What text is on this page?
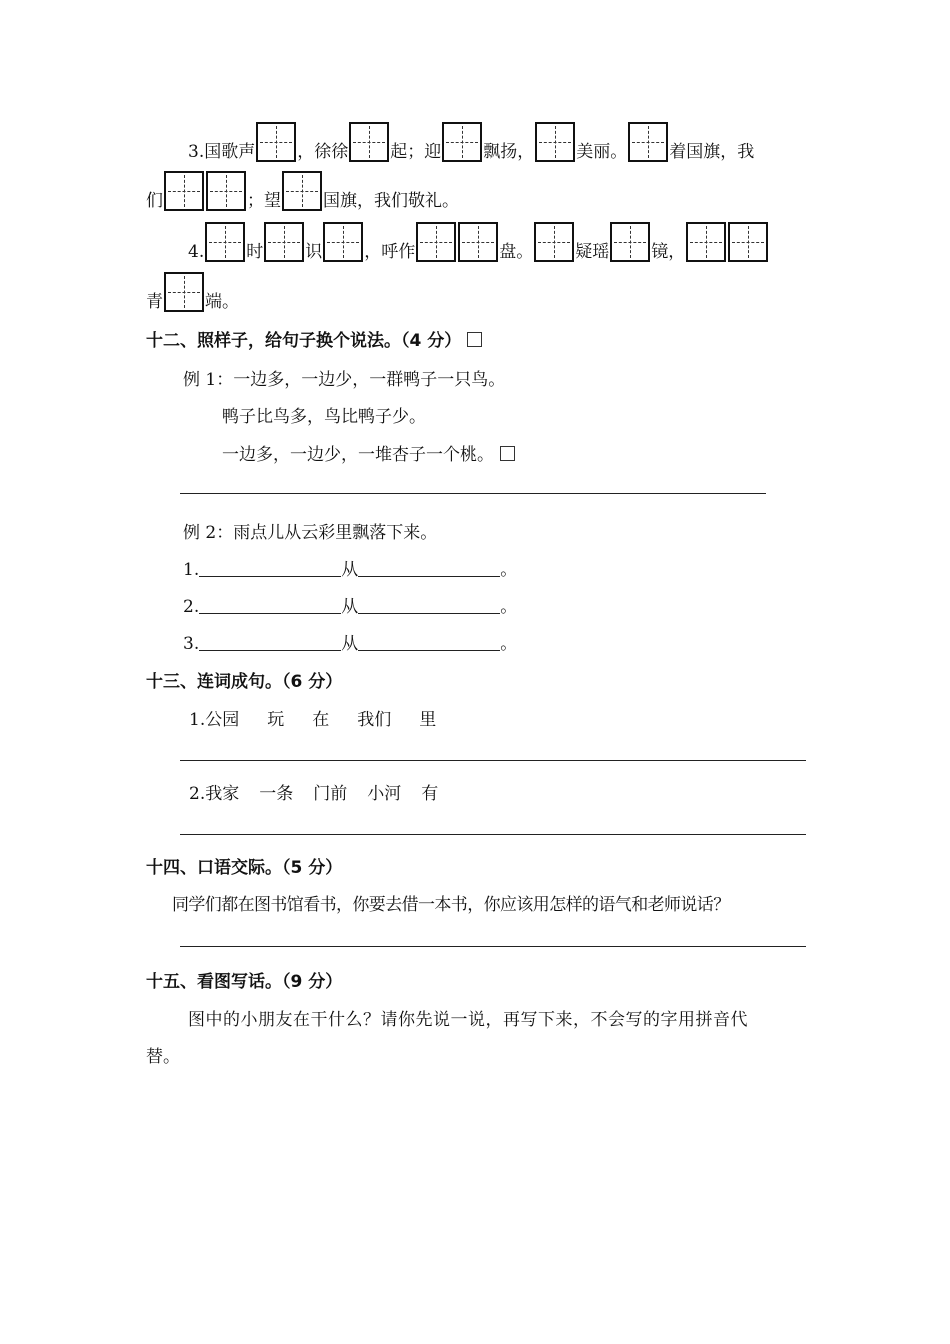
3. 国歌声 ，徐徐 起；迎 飘扬， 美丽。 着国旗，我
们	；望 国旗，我们敬礼。
4. 时 识 ，呼作	盘。 疑瑶 镜，
青 端。
十二、照样子，给句子换个说法。（4 分）
例 1：一边多，一边少，一群鸭子一只鸟。
鸭子比鸟多，鸟比鸭子少。
一边多，一边少，一堆杏子一个桃。
例 2：雨点儿从云彩里飘落下来。
1.	从	。
2.	从	。
3.	从	。
十三、连词成句。（6 分）
1.公园 玩 在 我们 里
2.我家 一条 门前 小河 有
十四、口语交际。（5 分）
同学们都在图书馆看书，你要去借一本书，你应该用怎样的语气和老师说话？
十五、看图写话。（9 分）
图中的小朋友在干什么？请你先说一说，再写下来，不会写的字用拼音代
替。
